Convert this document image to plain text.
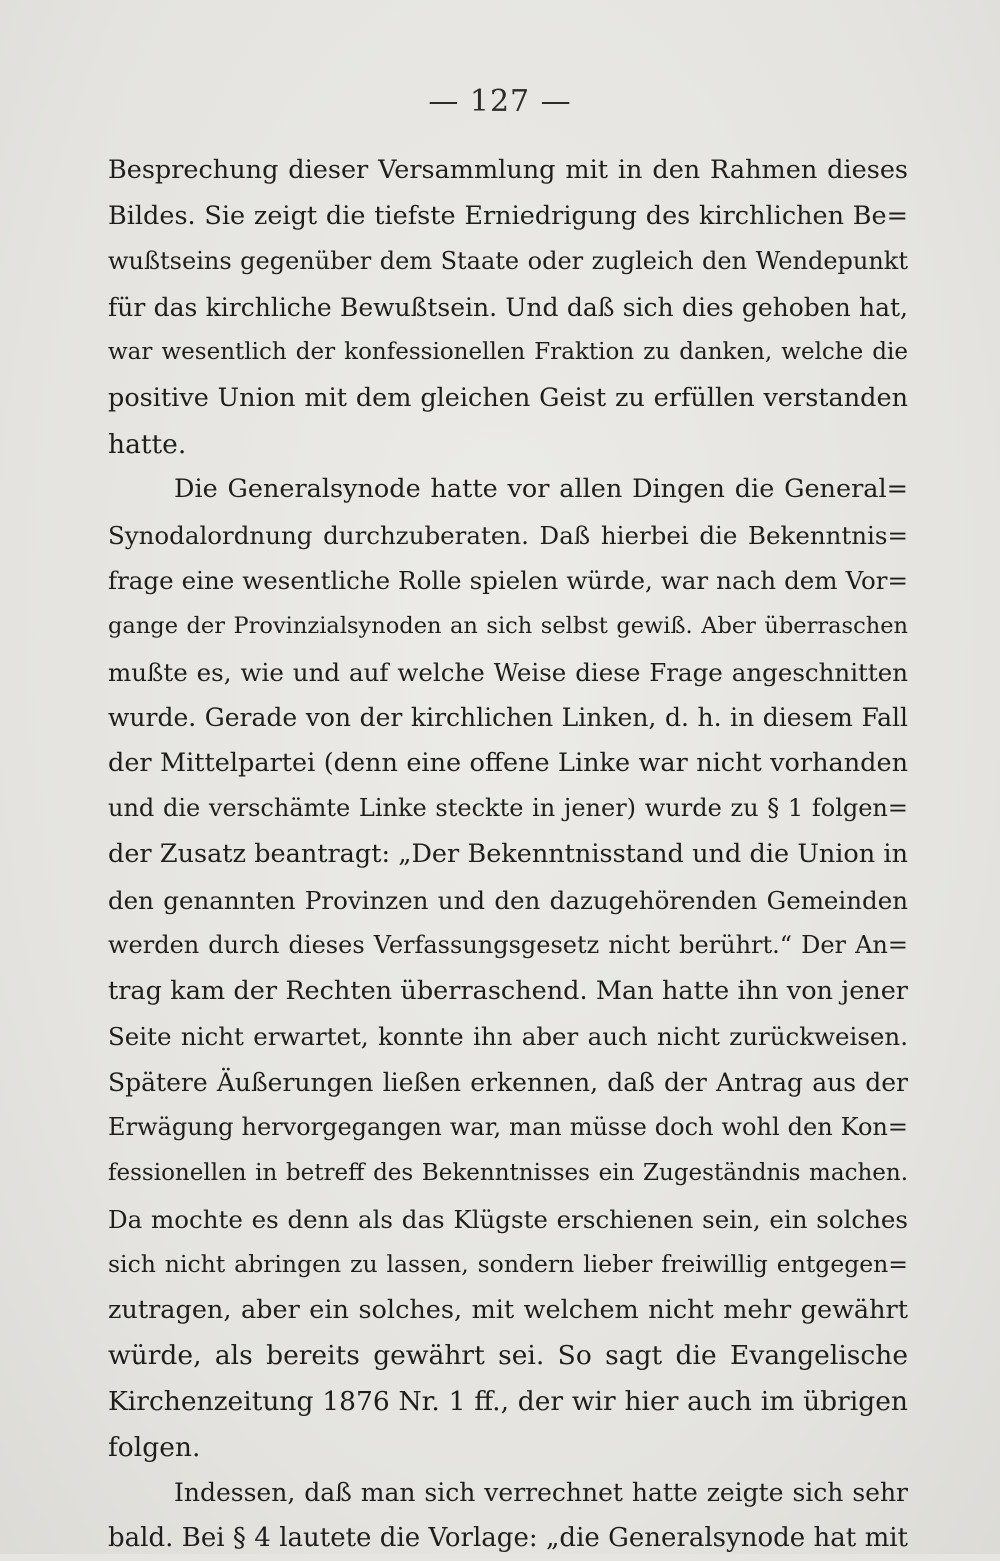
— 127 —
Besprechung dieser Versammlung mit in den Rahmen dieses
Bildes. Sie zeigt die tiefste Erniedrigung des kirchlichen Be=
wußtseins gegenüber dem Staate oder zugleich den Wendepunkt
für das kirchliche Bewußtsein. Und daß sich dies gehoben hat,
war wesentlich der konfessionellen Fraktion zu danken, welche die
positive Union mit dem gleichen Geist zu erfüllen verstanden
hatte.
Die Generalsynode hatte vor allen Dingen die General=
Synodalordnung durchzuberaten. Daß hierbei die Bekenntnis=
frage eine wesentliche Rolle spielen würde, war nach dem Vor=
gange der Provinzialsynoden an sich selbst gewiß. Aber überraschen
mußte es, wie und auf welche Weise diese Frage angeschnitten
wurde. Gerade von der kirchlichen Linken, d. h. in diesem Fall
der Mittelpartei (denn eine offene Linke war nicht vorhanden
und die verschämte Linke steckte in jener) wurde zu § 1 folgen=
der Zusatz beantragt: „Der Bekenntnisstand und die Union in
den genannten Provinzen und den dazugehörenden Gemeinden
werden durch dieses Verfassungsgesetz nicht berührt.“ Der An=
trag kam der Rechten überraschend. Man hatte ihn von jener
Seite nicht erwartet, konnte ihn aber auch nicht zurückweisen.
Spätere Äußerungen ließen erkennen, daß der Antrag aus der
Erwägung hervorgegangen war, man müsse doch wohl den Kon=
fessionellen in betreff des Bekenntnisses ein Zugeständnis machen.
Da mochte es denn als das Klügste erschienen sein, ein solches
sich nicht abringen zu lassen, sondern lieber freiwillig entgegen=
zutragen, aber ein solches, mit welchem nicht mehr gewährt
würde, als bereits gewährt sei. So sagt die Evangelische
Kirchenzeitung 1876 Nr. 1 ff., der wir hier auch im übrigen
folgen.
Indessen, daß man sich verrechnet hatte zeigte sich sehr
bald. Bei § 4 lautete die Vorlage: „die Generalsynode hat mit
